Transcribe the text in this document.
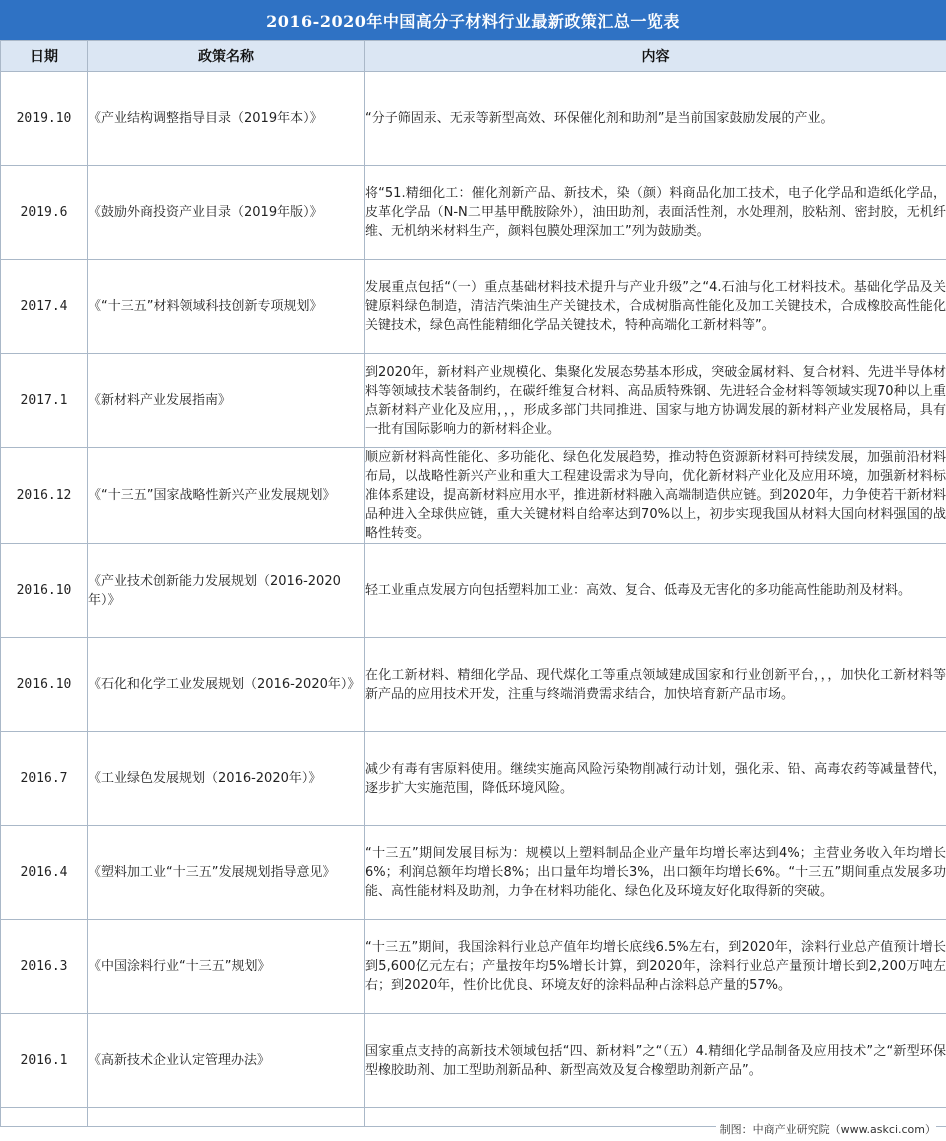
2016-2020年中国高分子材料行业最新政策汇总一览表
日期	政策名称	内容
2019.10	《产业结构调整指导目录（2019年本）》	“分子筛固汞、无汞等新型高效、环保催化剂和助剂”是当前国家鼓励发展的产业。
2019.6	《鼓励外商投资产业目录（2019年版）》	将“51.精细化工：催化剂新产品、新技术，染（颜）料商品化加工技术，电子化学品和造纸化学品，皮革化学品（N-N二甲基甲酰胺除外），油田助剂，表面活性剂，水处理剂，胶粘剂、密封胶，无机纤维、无机纳米材料生产，颜料包膜处理深加工”列为鼓励类。
2017.4	《“十三五”材料领域科技创新专项规划》	发展重点包括“（一）重点基础材料技术提升与产业升级”之“4.石油与化工材料技术。基础化学品及关键原料绿色制造，清洁汽柴油生产关键技术，合成树脂高性能化及加工关键技术，合成橡胶高性能化关键技术，绿色高性能精细化学品关键技术，特种高端化工新材料等”。
2017.1	《新材料产业发展指南》	到2020年，新材料产业规模化、集聚化发展态势基本形成，突破金属材料、复合材料、先进半导体材料等领域技术装备制约，在碳纤维复合材料、高品质特殊钢、先进轻合金材料等领域实现70种以上重点新材料产业化及应用，，，形成多部门共同推进、国家与地方协调发展的新材料产业发展格局，具有一批有国际影响力的新材料企业。
2016.12	《“十三五”国家战略性新兴产业发展规划》	顺应新材料高性能化、多功能化、绿色化发展趋势，推动特色资源新材料可持续发展，加强前沿材料布局，以战略性新兴产业和重大工程建设需求为导向，优化新材料产业化及应用环境，加强新材料标准体系建设，提高新材料应用水平，推进新材料融入高端制造供应链。到2020年，力争使若干新材料品种进入全球供应链，重大关键材料自给率达到70%以上，初步实现我国从材料大国向材料强国的战略性转变。
2016.10	《产业技术创新能力发展规划（2016-2020年）》	轻工业重点发展方向包括塑料加工业：高效、复合、低毒及无害化的多功能高性能助剂及材料。
2016.10	《石化和化学工业发展规划（2016-2020年）》	在化工新材料、精细化学品、现代煤化工等重点领域建成国家和行业创新平台，，，加快化工新材料等新产品的应用技术开发，注重与终端消费需求结合，加快培育新产品市场。
2016.7	《工业绿色发展规划（2016-2020年）》	减少有毒有害原料使用。继续实施高风险污染物削减行动计划，强化汞、铅、高毒农药等减量替代，逐步扩大实施范围，降低环境风险。
2016.4	《塑料加工业“十三五”发展规划指导意见》	“十三五”期间发展目标为：规模以上塑料制品企业产量年均增长率达到4%；主营业务收入年均增长6%；利润总额年均增长8%；出口量年均增长3%，出口额年均增长6%。“十三五”期间重点发展多功能、高性能材料及助剂，力争在材料功能化、绿色化及环境友好化取得新的突破。
2016.3	《中国涂料行业“十三五”规划》	“十三五”期间，我国涂料行业总产值年均增长底线6.5%左右，到2020年，涂料行业总产值预计增长到5,600亿元左右；产量按年均5%增长计算，到2020年，涂料行业总产量预计增长到2,200万吨左右；到2020年，性价比优良、环境友好的涂料品种占涂料总产量的57%。
2016.1	《高新技术企业认定管理办法》	国家重点支持的高新技术领域包括“四、新材料”之“（五）4.精细化学品制备及应用技术”之“新型环保型橡胶助剂、加工型助剂新品种、新型高效及复合橡塑助剂新产品”。

制图：中商产业研究院（www.askci.com）
